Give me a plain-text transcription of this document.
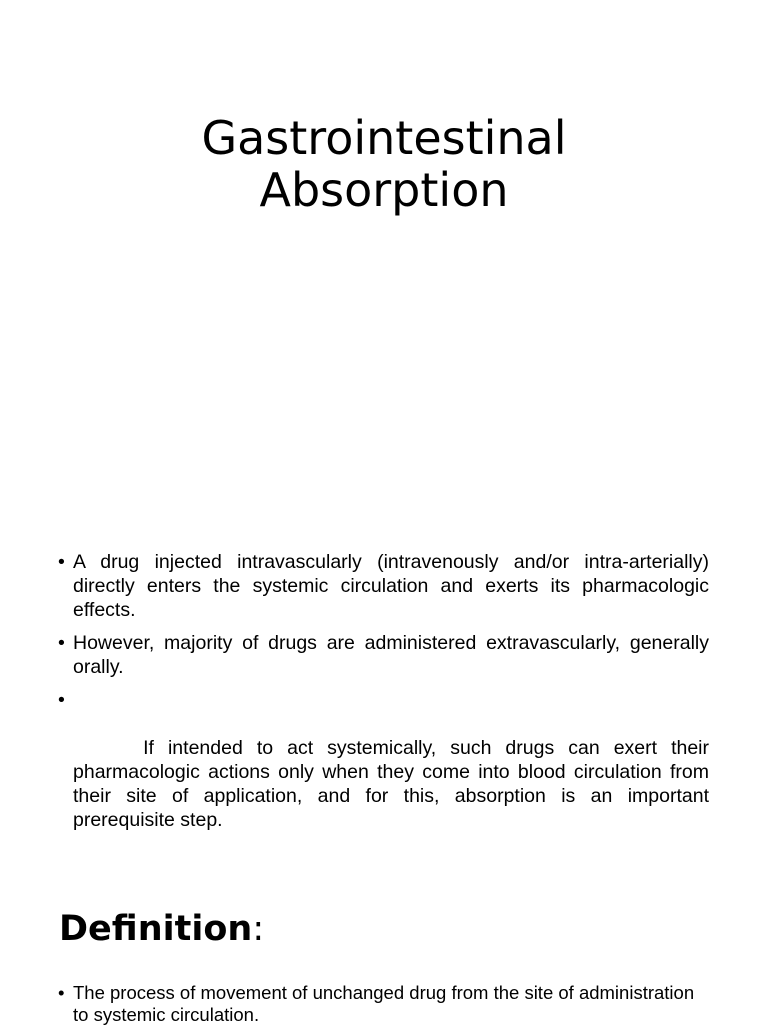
Gastrointestinal
Absorption
• A drug injected intravascularly (intravenously and/or intra-arterially) directly enters the systemic circulation and exerts its pharmacologic effects.
• However, majority of drugs are administered extravascularly, generally orally.

•

If intended to act systemically, such drugs can exert their pharmacologic actions only when they come into blood circulation from their site of application, and for this, absorption is an important prerequisite step.

Definition:
• The process of movement of unchanged drug from the site of administration to systemic circulation.
